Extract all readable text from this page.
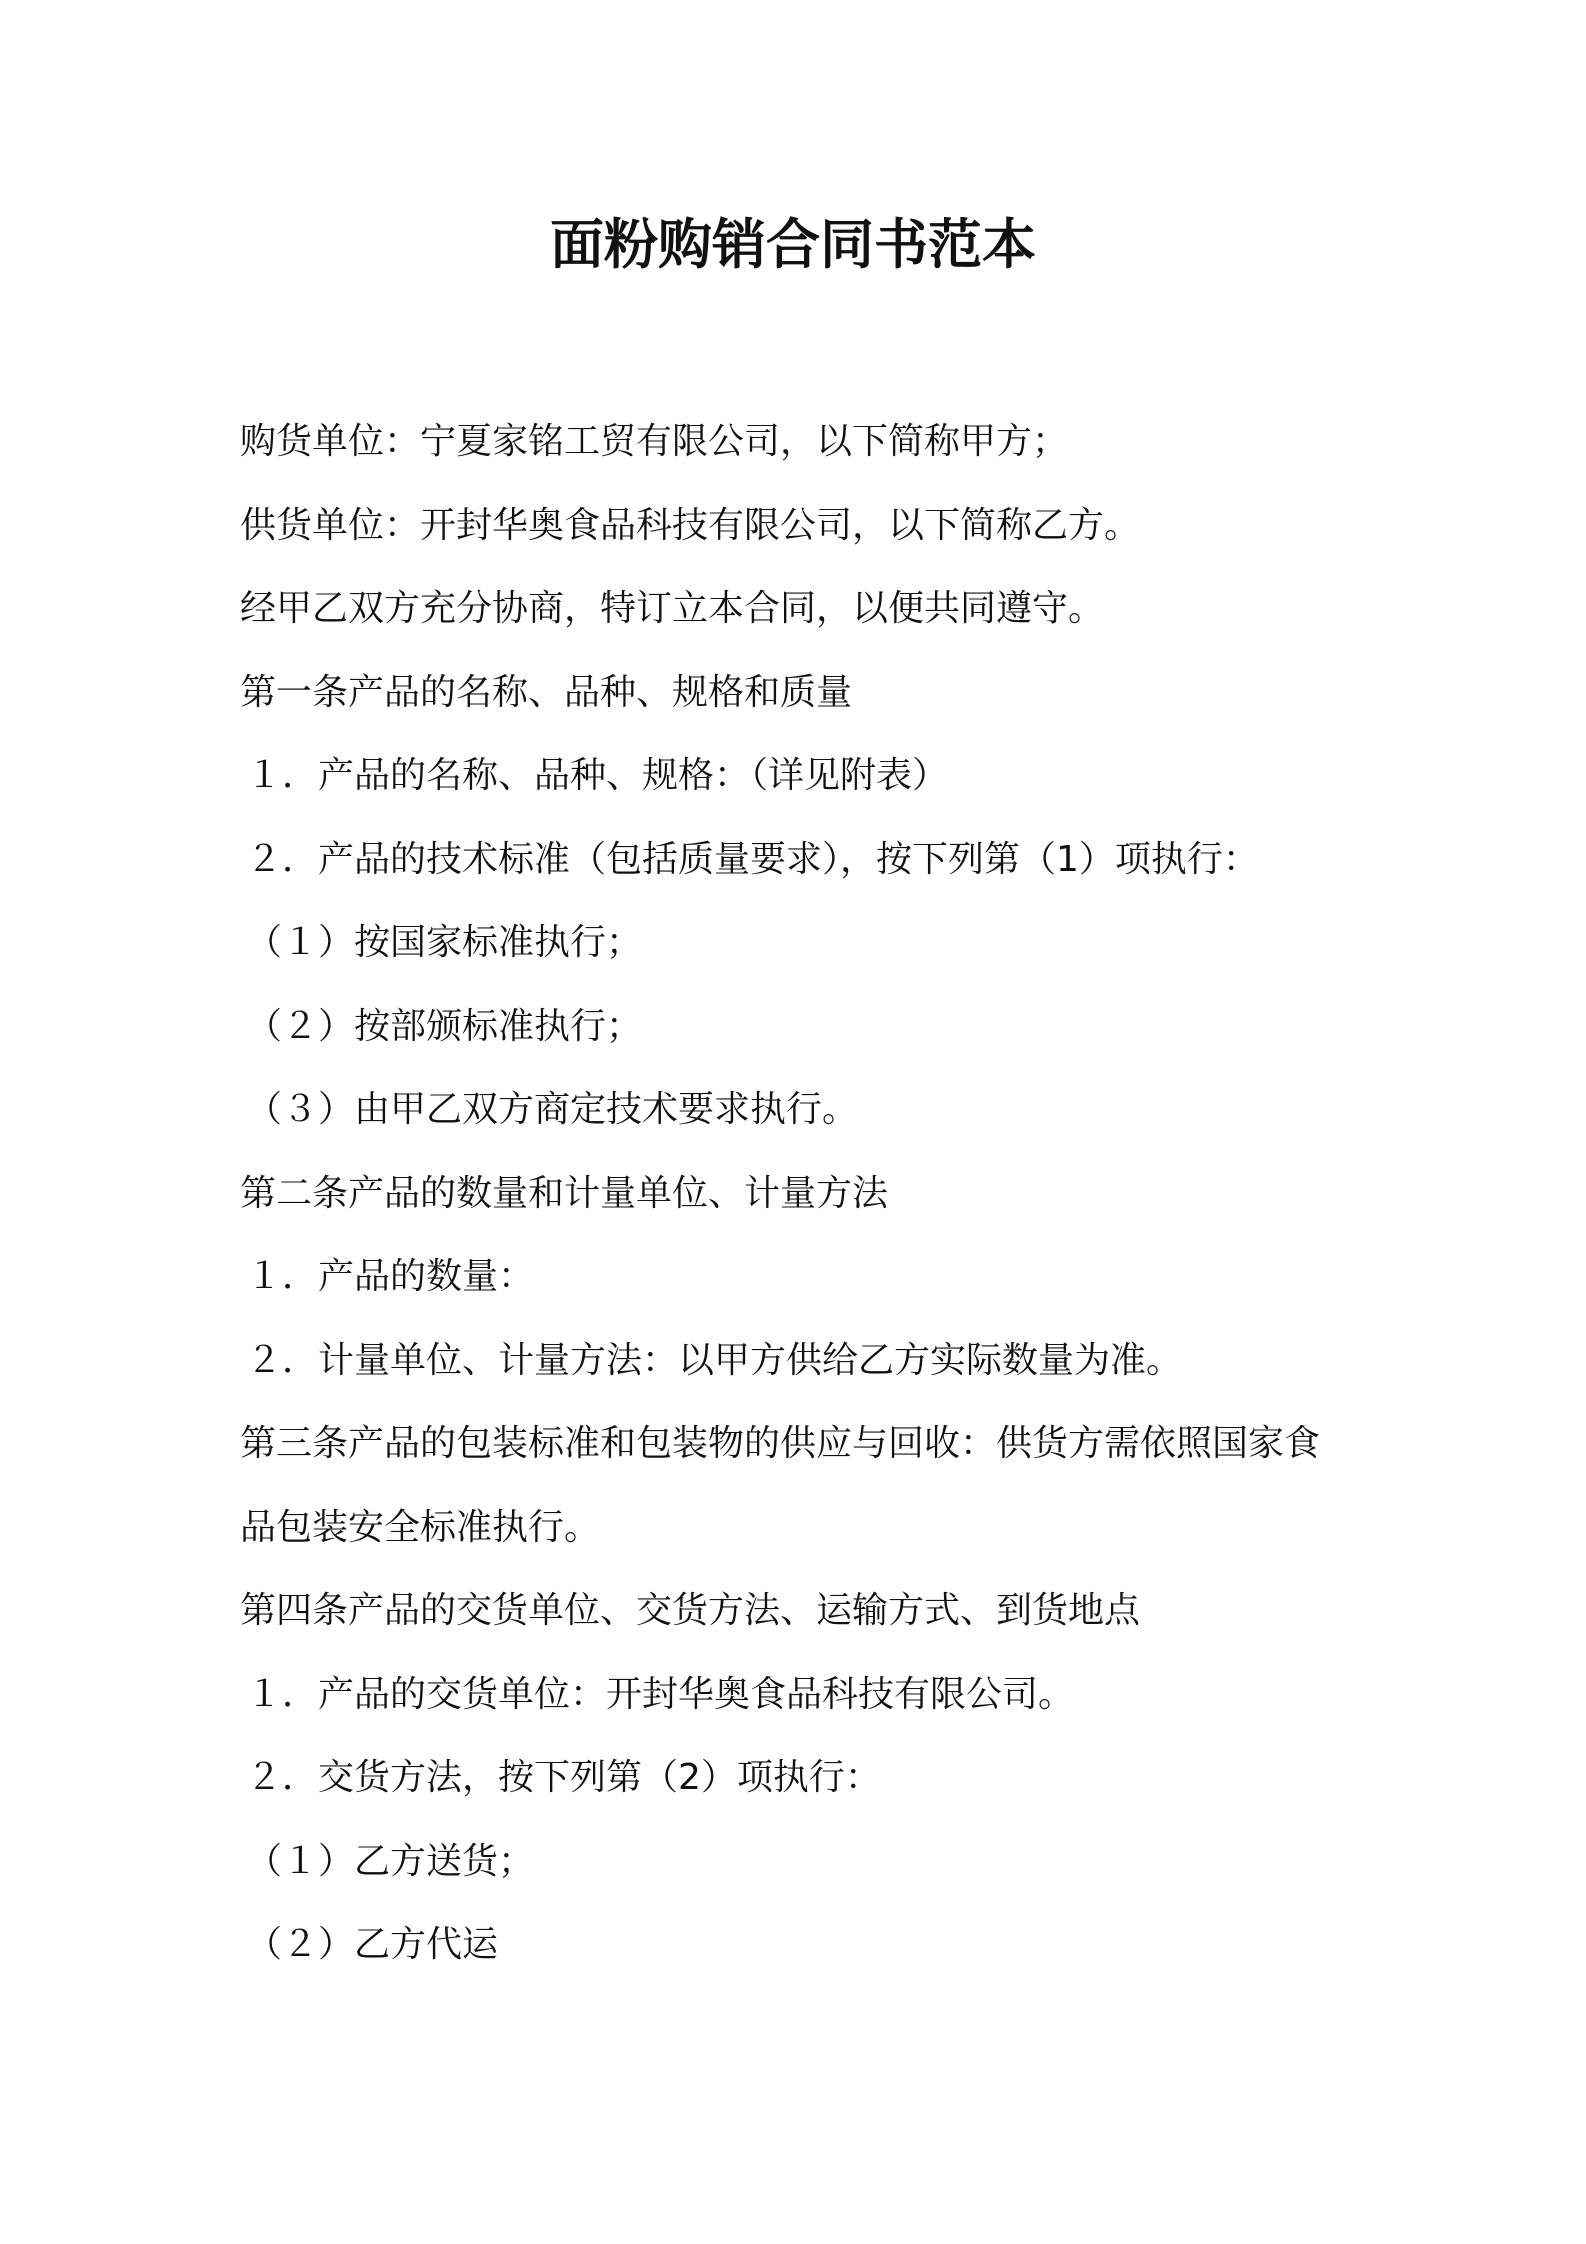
面粉购销合同书范本
购货单位：宁夏家铭工贸有限公司，以下简称甲方；
供货单位：开封华奥食品科技有限公司，以下简称乙方。
经甲乙双方充分协商，特订立本合同，以便共同遵守。
第一条产品的名称、品种、规格和质量
１．产品的名称、品种、规格：（详见附表）
２．产品的技术标准（包括质量要求），按下列第（1）项执行：
（１）按国家标准执行；
（２）按部颁标准执行；
（３）由甲乙双方商定技术要求执行。
第二条产品的数量和计量单位、计量方法
１．产品的数量：
２．计量单位、计量方法：以甲方供给乙方实际数量为准。
第三条产品的包装标准和包装物的供应与回收：供货方需依照国家食
品包装安全标准执行。
第四条产品的交货单位、交货方法、运输方式、到货地点
１．产品的交货单位：开封华奥食品科技有限公司。
２．交货方法，按下列第（2）项执行：
（１）乙方送货；
（２）乙方代运
